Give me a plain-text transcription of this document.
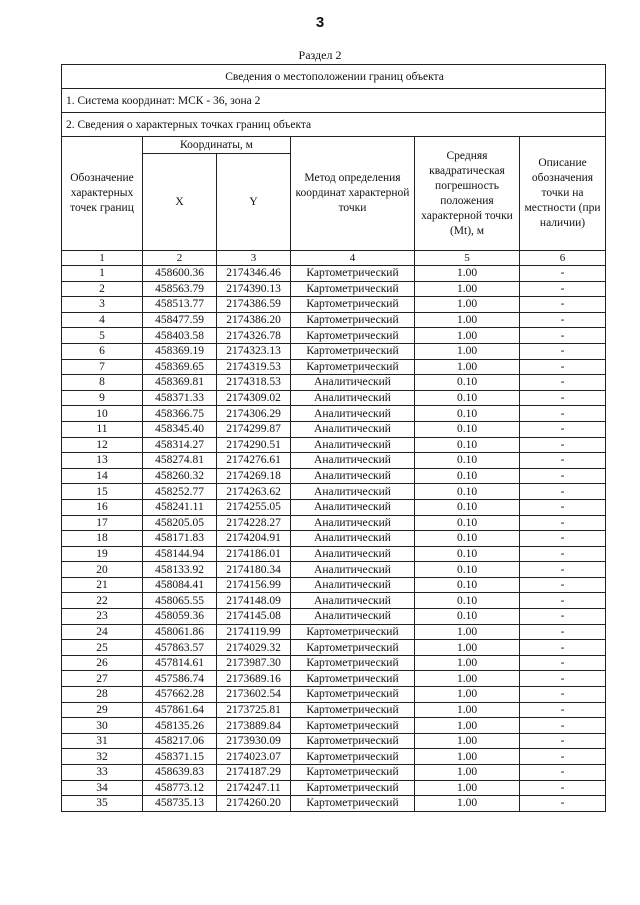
3
Раздел 2
Сведения о местоположении границ объекта					
1. Система координат: МСК - 36, зона 2					
2. Сведения о характерных точках границ объекта					
Обозначение характерных точек границ	Координаты, м		Метод определения координат характерной точки	Средняя квадратическая погрешность положения характерной точки (Mt), м	Описание обозначения точки на местности (при наличии)
	X	Y			
1	2	3	4	5	6
1	458600.36	2174346.46	Картометрический	1.00	-
2	458563.79	2174390.13	Картометрический	1.00	-
3	458513.77	2174386.59	Картометрический	1.00	-
4	458477.59	2174386.20	Картометрический	1.00	-
5	458403.58	2174326.78	Картометрический	1.00	-
6	458369.19	2174323.13	Картометрический	1.00	-
7	458369.65	2174319.53	Картометрический	1.00	-
8	458369.81	2174318.53	Аналитический	0.10	-
9	458371.33	2174309.02	Аналитический	0.10	-
10	458366.75	2174306.29	Аналитический	0.10	-
11	458345.40	2174299.87	Аналитический	0.10	-
12	458314.27	2174290.51	Аналитический	0.10	-
13	458274.81	2174276.61	Аналитический	0.10	-
14	458260.32	2174269.18	Аналитический	0.10	-
15	458252.77	2174263.62	Аналитический	0.10	-
16	458241.11	2174255.05	Аналитический	0.10	-
17	458205.05	2174228.27	Аналитический	0.10	-
18	458171.83	2174204.91	Аналитический	0.10	-
19	458144.94	2174186.01	Аналитический	0.10	-
20	458133.92	2174180.34	Аналитический	0.10	-
21	458084.41	2174156.99	Аналитический	0.10	-
22	458065.55	2174148.09	Аналитический	0.10	-
23	458059.36	2174145.08	Аналитический	0.10	-
24	458061.86	2174119.99	Картометрический	1.00	-
25	457863.57	2174029.32	Картометрический	1.00	-
26	457814.61	2173987.30	Картометрический	1.00	-
27	457586.74	2173689.16	Картометрический	1.00	-
28	457662.28	2173602.54	Картометрический	1.00	-
29	457861.64	2173725.81	Картометрический	1.00	-
30	458135.26	2173889.84	Картометрический	1.00	-
31	458217.06	2173930.09	Картометрический	1.00	-
32	458371.15	2174023.07	Картометрический	1.00	-
33	458639.83	2174187.29	Картометрический	1.00	-
34	458773.12	2174247.11	Картометрический	1.00	-
35	458735.13	2174260.20	Картометрический	1.00	-
